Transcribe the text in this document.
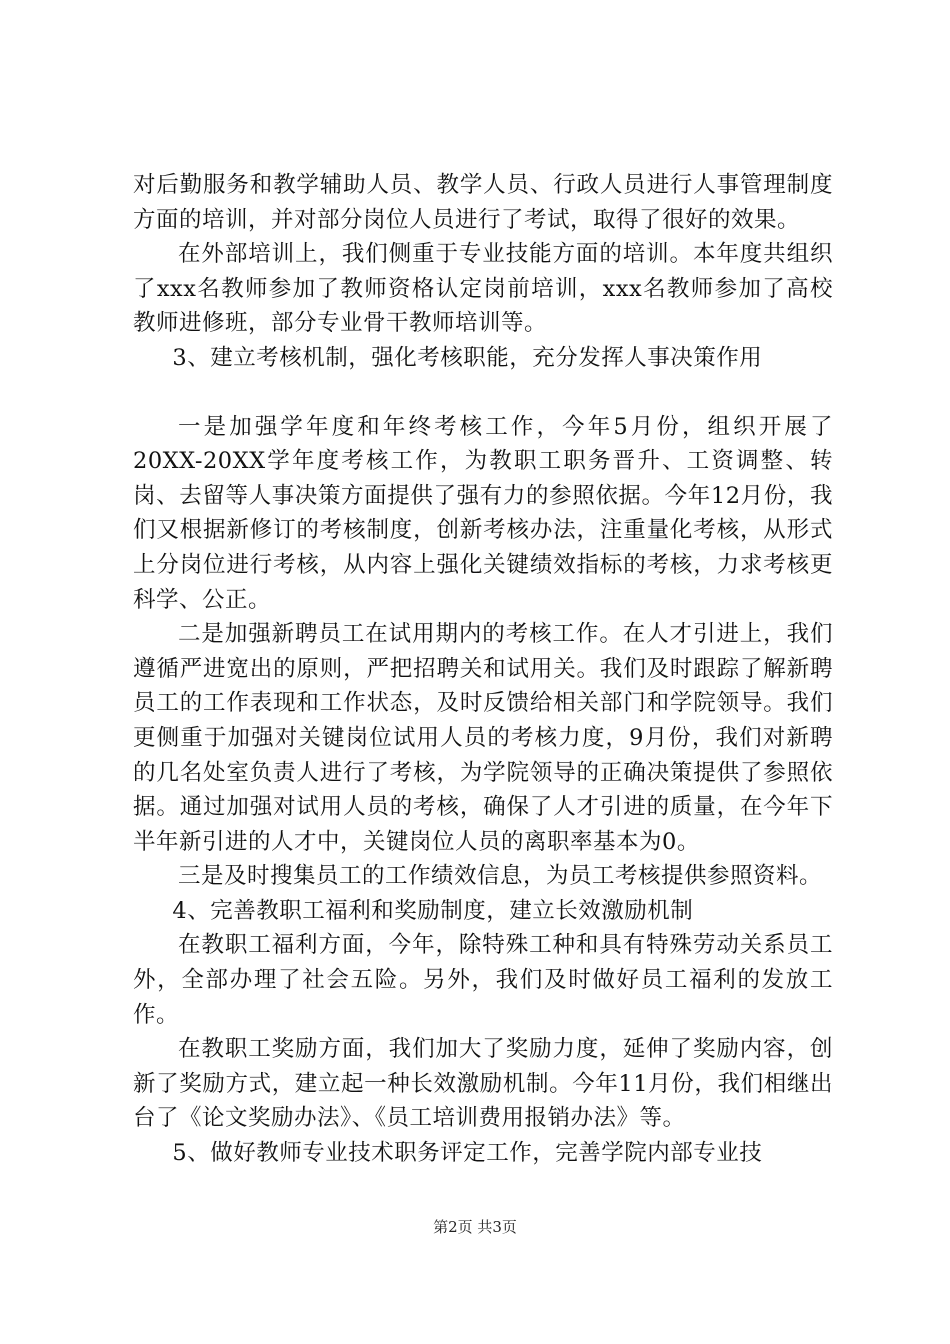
对后勤服务和教学辅助人员、教学人员、行政人员进行人事管理制度方面的培训，并对部分岗位人员进行了考试，取得了很好的效果。

在外部培训上，我们侧重于专业技能方面的培训。本年度共组织了xxx名教师参加了教师资格认定岗前培训，xxx名教师参加了高校教师进修班，部分专业骨干教师培训等。

3、建立考核机制，强化考核职能，充分发挥人事决策作用

一是加强学年度和年终考核工作，今年5月份，组织开展了20XX-20XX学年度考核工作，为教职工职务晋升、工资调整、转岗、去留等人事决策方面提供了强有力的参照依据。今年12月份，我们又根据新修订的考核制度，创新考核办法，注重量化考核，从形式上分岗位进行考核，从内容上强化关键绩效指标的考核，力求考核更科学、公正。

二是加强新聘员工在试用期内的考核工作。在人才引进上，我们遵循严进宽出的原则，严把招聘关和试用关。我们及时跟踪了解新聘员工的工作表现和工作状态，及时反馈给相关部门和学院领导。我们更侧重于加强对关键岗位试用人员的考核力度，9月份，我们对新聘的几名处室负责人进行了考核，为学院领导的正确决策提供了参照依据。通过加强对试用人员的考核，确保了人才引进的质量，在今年下半年新引进的人才中，关键岗位人员的离职率基本为0。

三是及时搜集员工的工作绩效信息，为员工考核提供参照资料。

4、完善教职工福利和奖励制度，建立长效激励机制

在教职工福利方面，今年，除特殊工种和具有特殊劳动关系员工外，全部办理了社会五险。另外，我们及时做好员工福利的发放工作。

在教职工奖励方面，我们加大了奖励力度，延伸了奖励内容，创新了奖励方式，建立起一种长效激励机制。今年11月份，我们相继出台了《论文奖励办法》、《员工培训费用报销办法》等。

5、做好教师专业技术职务评定工作，完善学院内部专业技

第2页 共3页
